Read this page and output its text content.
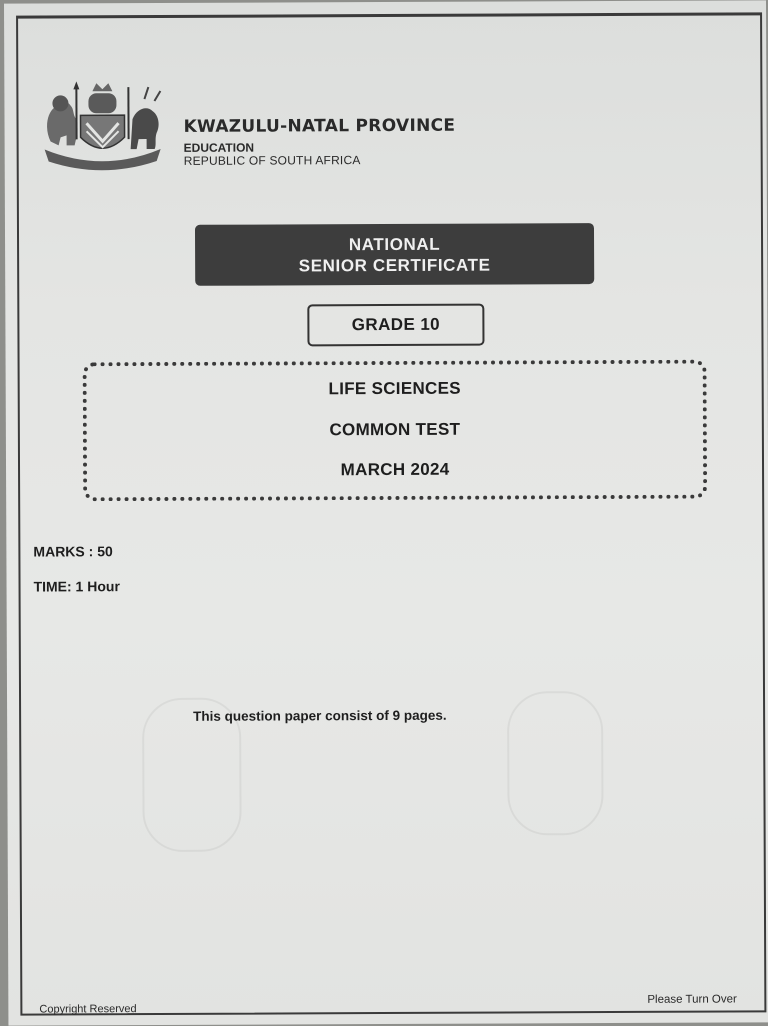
KWAZULU-NATAL PROVINCE
EDUCATION
REPUBLIC OF SOUTH AFRICA
NATIONAL
SENIOR CERTIFICATE
GRADE 10
LIFE SCIENCES
COMMON TEST
MARCH 2024
MARKS : 50
TIME: 1 Hour
This question paper consist of 9 pages.
Copyright Reserved
Please Turn Over
